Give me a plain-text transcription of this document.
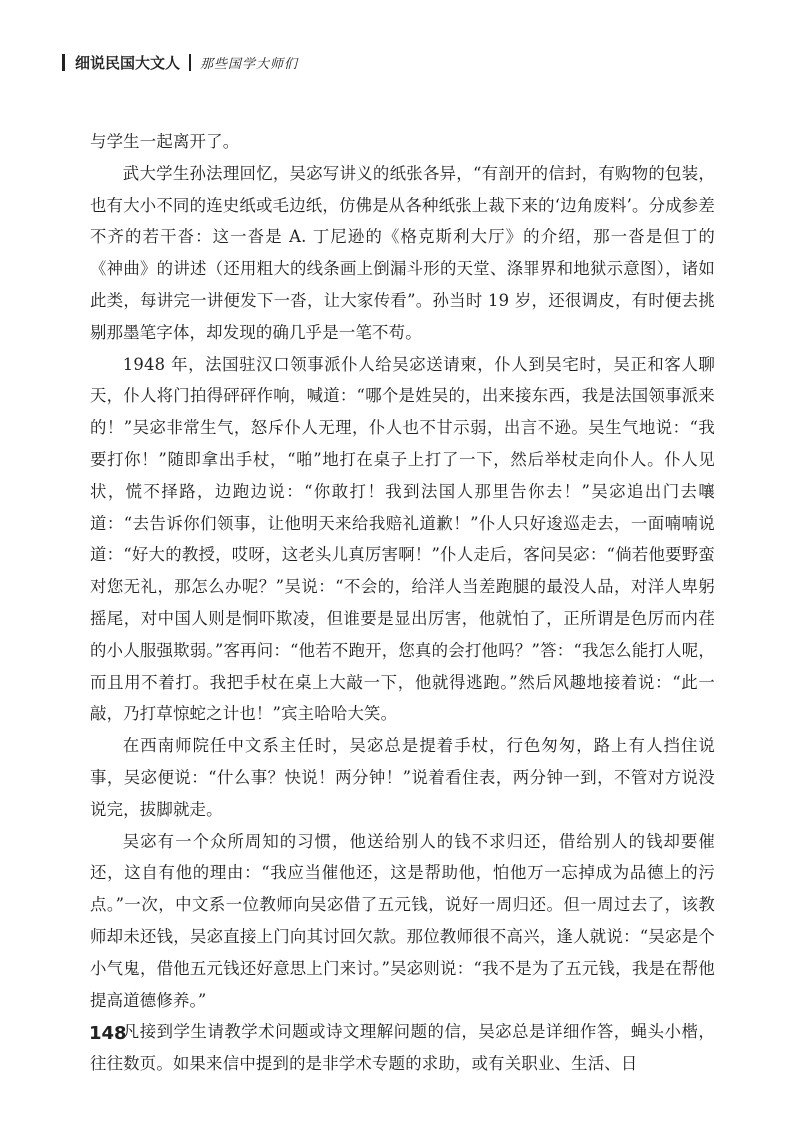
细说民国大文人 那些国学大师们

与学生一起离开了。

武大学生孙法理回忆，吴宓写讲义的纸张各异，“有剖开的信封，有购物的包装，也有大小不同的连史纸或毛边纸，仿佛是从各种纸张上裁下来的‘边角废料’。分成参差不齐的若干沓：这一沓是 A. 丁尼逊的《格克斯利大厅》的介绍，那一沓是但丁的《神曲》的讲述（还用粗大的线条画上倒漏斗形的天堂、涤罪界和地狱示意图），诸如此类，每讲完一讲便发下一沓，让大家传看”。孙当时 19 岁，还很调皮，有时便去挑剔那墨笔字体，却发现的确几乎是一笔不苟。

1948 年，法国驻汉口领事派仆人给吴宓送请柬，仆人到吴宅时，吴正和客人聊天，仆人将门拍得砰砰作响，喊道：“哪个是姓吴的，出来接东西，我是法国领事派来的！”吴宓非常生气，怒斥仆人无理，仆人也不甘示弱，出言不逊。吴生气地说：“我要打你！”随即拿出手杖，“啪”地打在桌子上打了一下，然后举杖走向仆人。仆人见状，慌不择路，边跑边说：“你敢打！我到法国人那里告你去！”吴宓追出门去嚷道：“去告诉你们领事，让他明天来给我赔礼道歉！”仆人只好逡巡走去，一面喃喃说道：“好大的教授，哎呀，这老头儿真厉害啊！”仆人走后，客问吴宓：“倘若他要野蛮对您无礼，那怎么办呢？”吴说：“不会的，给洋人当差跑腿的最没人品，对洋人卑躬摇尾，对中国人则是恫吓欺凌，但谁要是显出厉害，他就怕了，正所谓是色厉而内荏的小人服强欺弱。”客再问：“他若不跑开，您真的会打他吗？”答：“我怎么能打人呢，而且用不着打。我把手杖在桌上大敲一下，他就得逃跑。”然后风趣地接着说：“此一敲，乃打草惊蛇之计也！”宾主哈哈大笑。

在西南师院任中文系主任时，吴宓总是提着手杖，行色匆匆，路上有人挡住说事，吴宓便说：“什么事？快说！两分钟！”说着看住表，两分钟一到，不管对方说没说完，拔脚就走。

吴宓有一个众所周知的习惯，他送给别人的钱不求归还，借给别人的钱却要催还，这自有他的理由：“我应当催他还，这是帮助他，怕他万一忘掉成为品德上的污点。”一次，中文系一位教师向吴宓借了五元钱，说好一周归还。但一周过去了，该教师却未还钱，吴宓直接上门向其讨回欠款。那位教师很不高兴，逢人就说：“吴宓是个小气鬼，借他五元钱还好意思上门来讨。”吴宓则说：“我不是为了五元钱，我是在帮他提高道德修养。”

凡接到学生请教学术问题或诗文理解问题的信，吴宓总是详细作答，蝇头小楷，往往数页。如果来信中提到的是非学术专题的求助，或有关职业、生活、日

148
